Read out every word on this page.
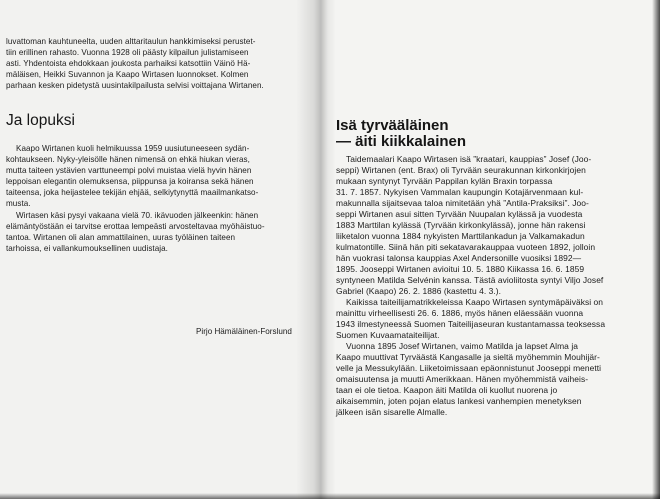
luvattoman kauhtuneelta, uuden alttaritaulun hankkimiseksi perustet-
tiin erillinen rahasto. Vuonna 1928 oli päästy kilpailun julistamiseen
asti. Yhdentoista ehdokkaan joukosta parhaiksi katsottiin Väinö Hä-
mäläisen, Heikki Suvannon ja Kaapo Wirtasen luonnokset. Kolmen
parhaan kesken pidetystä uusintakilpailusta selvisi voittajana Wirtanen.

Ja lopuksi

Kaapo Wirtanen kuoli helmikuussa 1959 uusiutuneeseen sydän-
kohtaukseen. Nyky-yleisölle hänen nimensä on ehkä hiukan vieras,
mutta taiteen ystävien varttuneempi polvi muistaa vielä hyvin hänen
leppoisan elegantin olemuksensa, piippunsa ja koiransa sekä hänen
taiteensa, joka heijastelee tekijän ehjää, selkiytynyttä maailmankatso-
musta.

Wirtasen käsi pysyi vakaana vielä 70. ikävuoden jälkeenkin: hänen
elämäntyöstään ei tarvitse erottaa lempeästi arvosteltavaa myöhäistuo-
tantoa. Wirtanen oli alan ammattilainen, uuras työläinen taiteen
tarhoissa, ei vallankumouksellinen uudistaja.

Pirjo Hämäläinen-Forslund
Isä tyrvääläinen
— äiti kiikkalainen
Taidemaalari Kaapo Wirtasen isä ”kraatari, kauppias” Josef (Joo-
seppi) Wirtanen (ent. Brax) oli Tyrvään seurakunnan kirkonkirjojen
mukaan syntynyt Tyrvään Pappilan kylän Braxin torpassa
31. 7. 1857. Nykyisen Vammalan kaupungin Kotajärvenmaan kul-
makunnalla sijaitsevaa taloa nimitetään yhä ”Antila-Praksiksi”. Joo-
seppi Wirtanen asui sitten Tyrvään Nuupalan kylässä ja vuodesta
1883 Marttilan kylässä (Tyrvään kirkonkylässä), jonne hän rakensi
liiketalon vuonna 1884 nykyisten Marttilankadun ja Valkamakadun
kulmatontille. Siinä hän piti sekatavarakauppaa vuoteen 1892, jolloin
hän vuokrasi talonsa kauppias Axel Andersonille vuosiksi 1892—
1895. Jooseppi Wirtanen avioitui 10. 5. 1880 Kiikassa 16. 6. 1859
syntyneen Matilda Selvénin kanssa. Tästä avioliitosta syntyi Viljo Josef
Gabriel (Kaapo) 26. 2. 1886 (kastettu 4. 3.).
Kaikissa taiteilijamatrikkeleissa Kaapo Wirtasen syntymäpäiväksi on
mainittu virheellisesti 26. 6. 1886, myös hänen eläessään vuonna
1943 ilmestyneessä Suomen Taiteilijaseuran kustantamassa teoksessa
Suomen Kuvaamataiteilijat.
Vuonna 1895 Josef Wirtanen, vaimo Matilda ja lapset Alma ja
Kaapo muuttivat Tyrväästä Kangasalle ja sieltä myöhemmin Mouhijär-
velle ja Messukylään. Liiketoimissaan epäonnistunut Jooseppi menetti
omaisuutensa ja muutti Amerikkaan. Hänen myöhemmistä vaiheis-
taan ei ole tietoa. Kaapon äiti Matilda oli kuollut nuorena jo
aikaisemmin, joten pojan elatus lankesi vanhempien menetyksen
jälkeen isän sisarelle Almalle.
